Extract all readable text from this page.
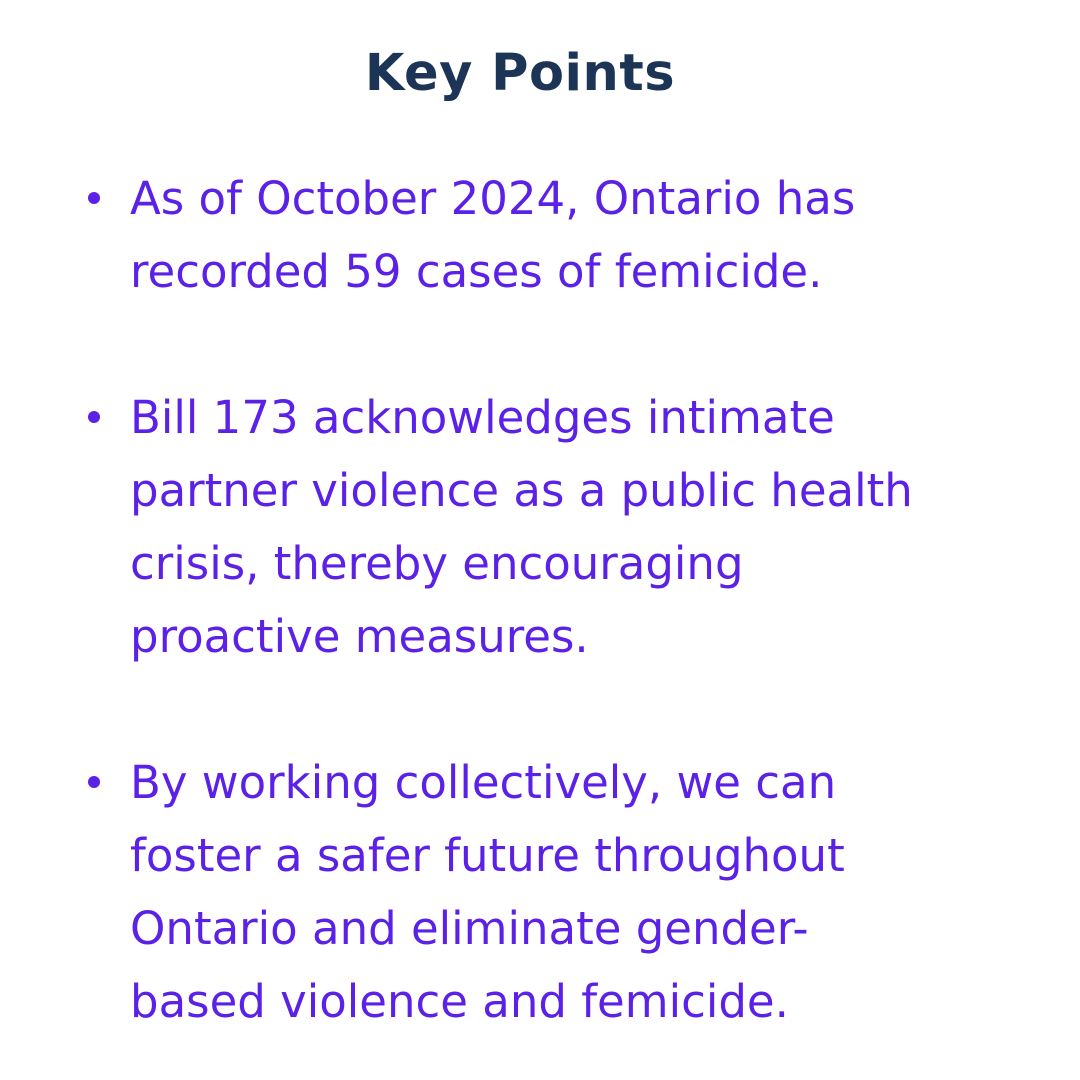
Key Points

As of October 2024, Ontario has
recorded 59 cases of femicide.

Bill 173 acknowledges intimate
partner violence as a public health
crisis, thereby encouraging
proactive measures.

By working collectively, we can
foster a safer future throughout
Ontario and eliminate gender-
based violence and femicide.
